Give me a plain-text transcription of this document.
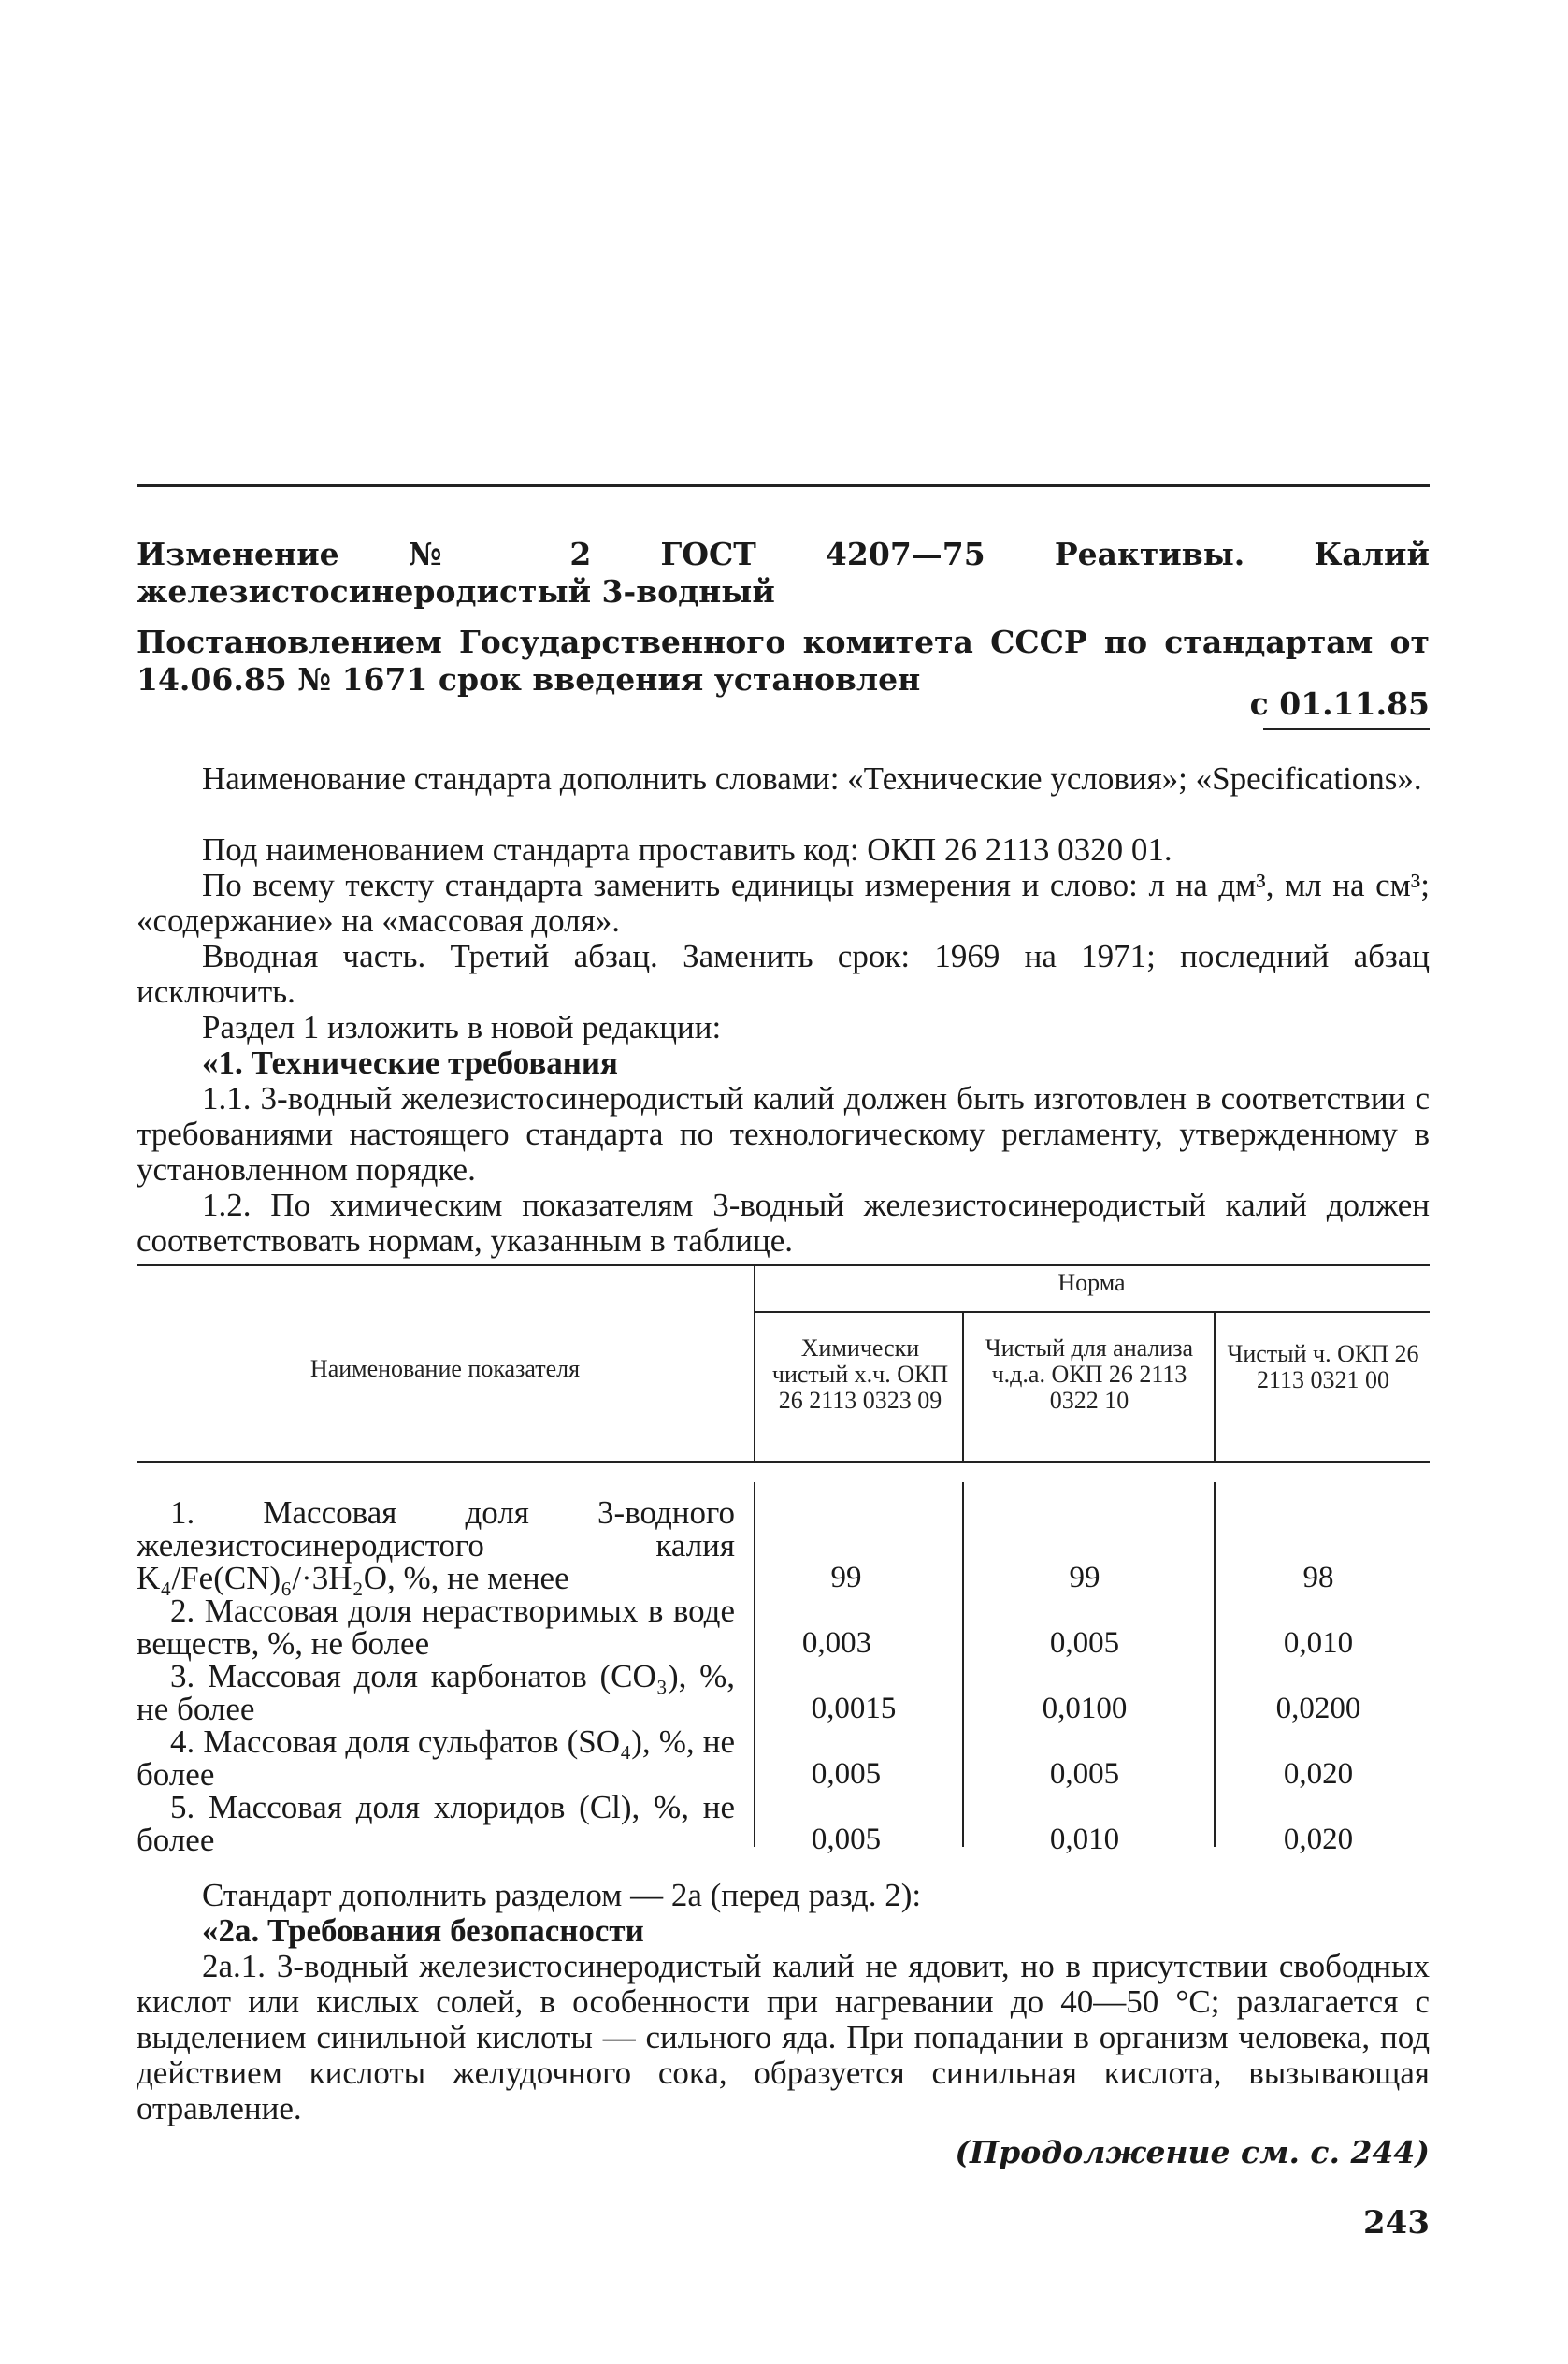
Изменение № 2 ГОСТ 4207—75 Реактивы. Калий железистосинеродистый 3-водный
Постановлением Государственного комитета СССР по стандартам от 14.06.85 № 1671 срок введения установлен
с 01.11.85
Наименование стандарта дополнить словами: «Технические условия»; «Specifications».
Под наименованием стандарта проставить код: ОКП 26 2113 0320 01.
По всему тексту стандарта заменить единицы измерения и слово: л на дм³, мл на см³; «содержание» на «массовая доля».
Вводная часть. Третий абзац. Заменить срок: 1969 на 1971; последний абзац исключить.
Раздел 1 изложить в новой редакции:
«1. Технические требования
1.1. 3-водный железистосинеродистый калий должен быть изготовлен в соответствии с требованиями настоящего стандарта по технологическому регламенту, утвержденному в установленном порядке.
1.2. По химическим показателям 3-водный железистосинеродистый калий должен соответствовать нормам, указанным в таблице.
Норма
Наименование показателя
Химически чистый х.ч. ОКП 26 2113 0323 09
Чистый для анализа ч.д.а. ОКП 26 2113 0322 10
Чистый ч. ОКП 26 2113 0321 00
1. Массовая доля 3-водного железистосинеродистого калия K₄/Fe(CN)₆/·3H₂O, %, не менее	99	99	98
2. Массовая доля нерастворимых в воде веществ, %, не более	0,003	0,005	0,010
3. Массовая доля карбонатов (CO₃), %, не более	0,0015	0,0100	0,0200
4. Массовая доля сульфатов (SO₄), %, не более	0,005	0,005	0,020
5. Массовая доля хлоридов (Cl), %, не более	0,005	0,010	0,020
Стандарт дополнить разделом — 2а (перед разд. 2):
«2а. Требования безопасности
2а.1. 3-водный железистосинеродистый калий не ядовит, но в присутствии свободных кислот или кислых солей, в особенности при нагревании до 40—50 °С; разлагается с выделением синильной кислоты — сильного яда. При попадании в организм человека, под действием кислоты желудочного сока, образуется синильная кислота, вызывающая отравление.
(Продолжение см. с. 244)
243
